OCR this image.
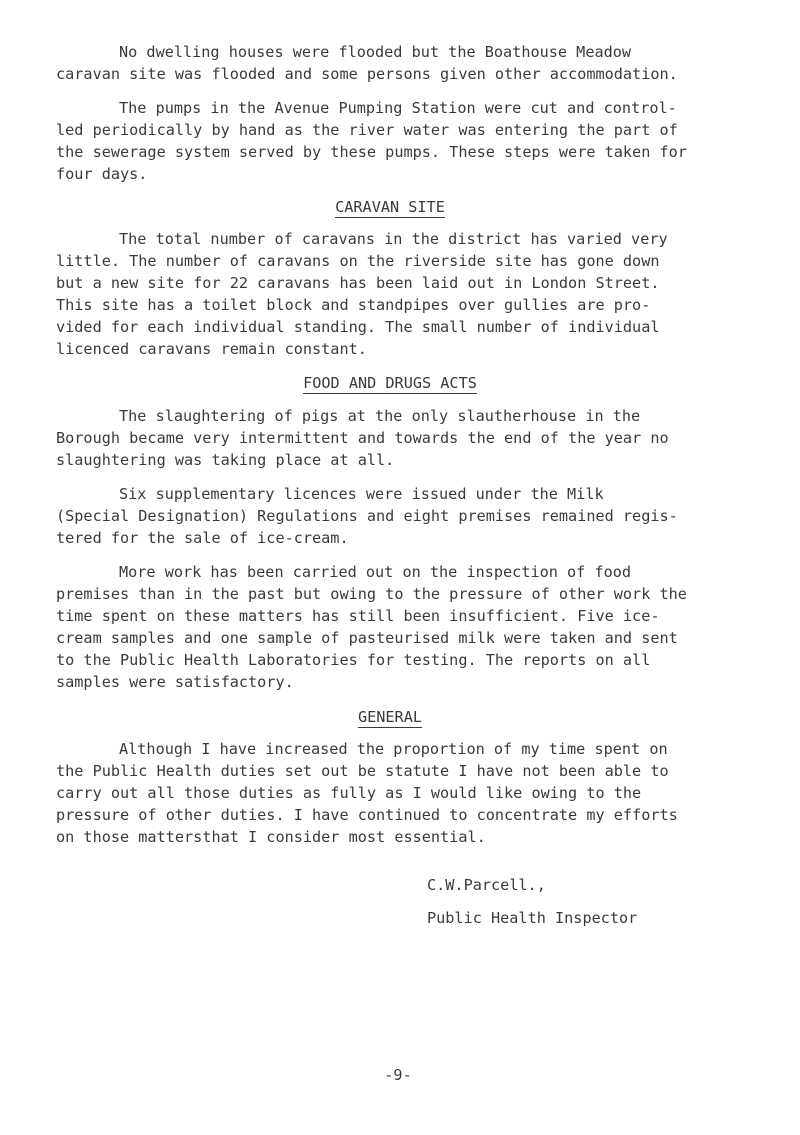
No dwelling houses were flooded but the Boathouse Meadow
caravan site was flooded and some persons given other accommodation.
The pumps in the Avenue Pumping Station were cut and control-
led periodically by hand as the river water was entering the part of
the sewerage system served by these pumps. These steps were taken for
four days.
CARAVAN SITE
The total number of caravans in the district has varied very
little. The number of caravans on the riverside site has gone down
but a new site for 22 caravans has been laid out in London Street.
This site has a toilet block and standpipes over gullies are pro-
vided for each individual standing. The small number of individual
licenced caravans remain constant.
FOOD AND DRUGS ACTS
The slaughtering of pigs at the only slautherhouse in the
Borough became very intermittent and towards the end of the year no
slaughtering was taking place at all.
Six supplementary licences were issued under the Milk
(Special Designation) Regulations and eight premises remained regis-
tered for the sale of ice-cream.
More work has been carried out on the inspection of food
premises than in the past but owing to the pressure of other work the
time spent on these matters has still been insufficient. Five ice-
cream samples and one sample of pasteurised milk were taken and sent
to the Public Health Laboratories for testing. The reports on all
samples were satisfactory.
GENERAL
Although I have increased the proportion of my time spent on
the Public Health duties set out be statute I have not been able to
carry out all those duties as fully as I would like owing to the
pressure of other duties. I have continued to concentrate my efforts
on those mattersthat I consider most essential.
C.W.Parcell.,
Public Health Inspector
-9-
